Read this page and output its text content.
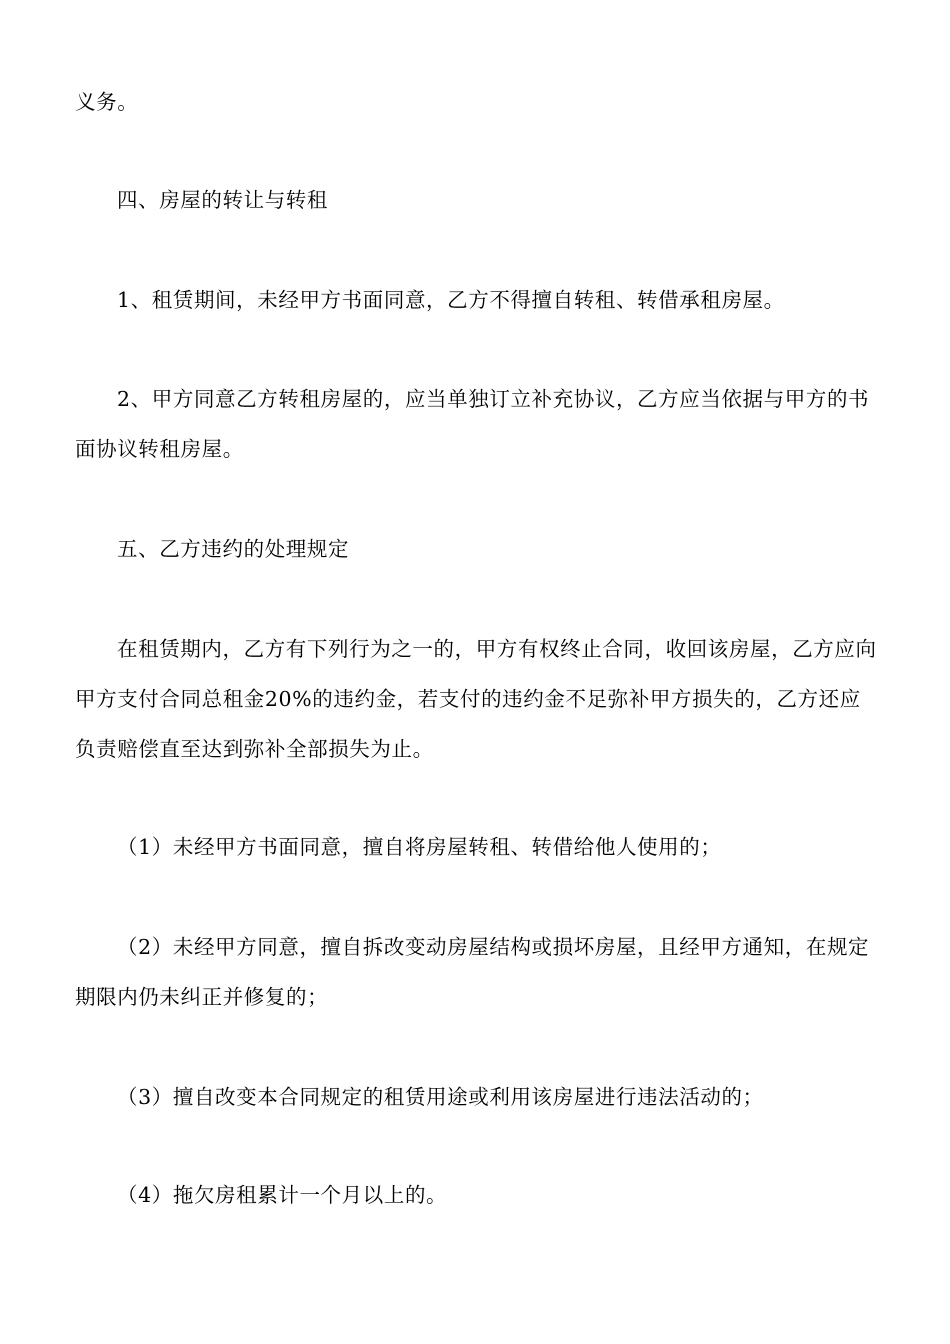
义务。

四、房屋的转让与转租

1、租赁期间，未经甲方书面同意，乙方不得擅自转租、转借承租房屋。

2、甲方同意乙方转租房屋的，应当单独订立补充协议，乙方应当依据与甲方的书面协议转租房屋。

五、乙方违约的处理规定

在租赁期内，乙方有下列行为之一的，甲方有权终止合同，收回该房屋，乙方应向甲方支付合同总租金20%的违约金，若支付的违约金不足弥补甲方损失的，乙方还应负责赔偿直至达到弥补全部损失为止。

（1）未经甲方书面同意，擅自将房屋转租、转借给他人使用的；

（2）未经甲方同意，擅自拆改变动房屋结构或损坏房屋，且经甲方通知，在规定期限内仍未纠正并修复的；

（3）擅自改变本合同规定的租赁用途或利用该房屋进行违法活动的；

（4）拖欠房租累计一个月以上的。
